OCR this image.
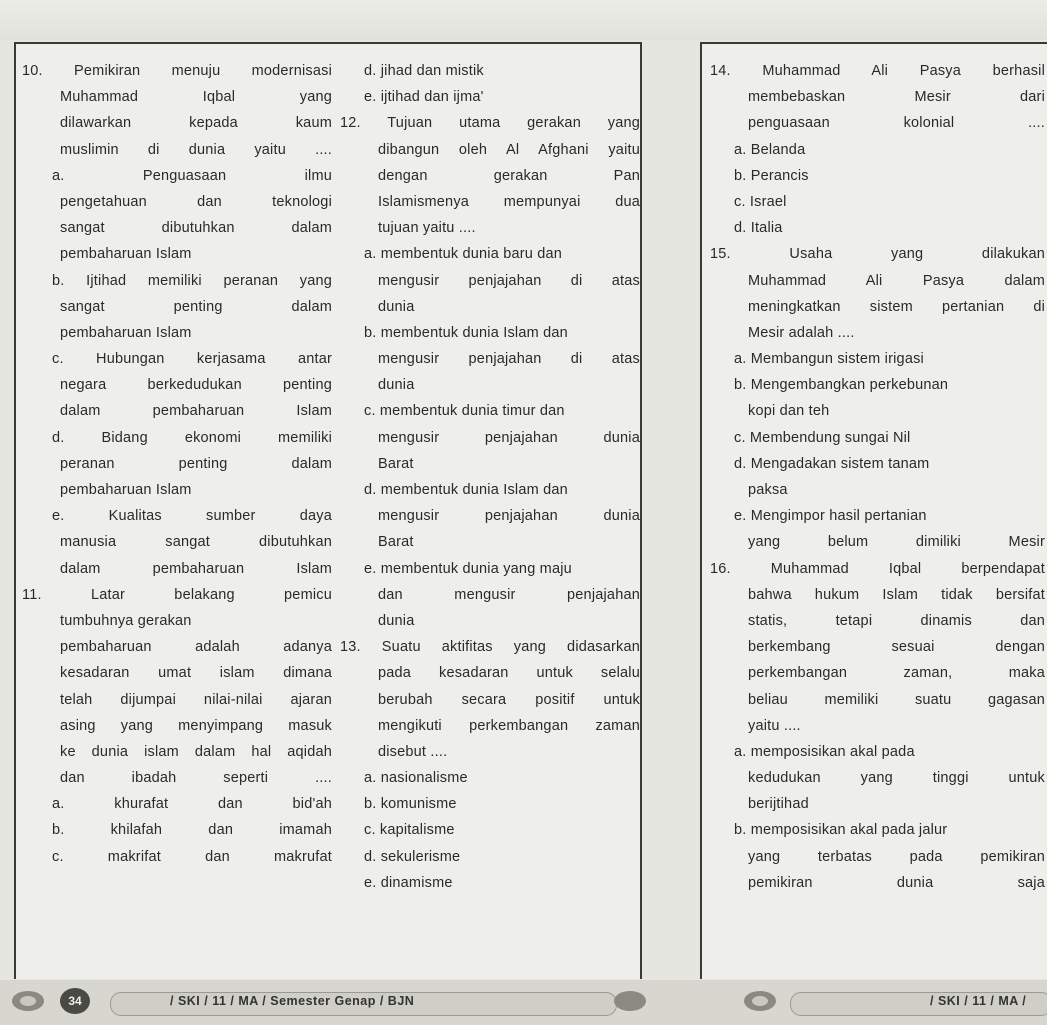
10. Pemikiran menuju modernisasi
Muhammad Iqbal yang
dilawarkan kepada kaum
muslimin di dunia yaitu ....
a. Penguasaan ilmu
pengetahuan dan teknologi
sangat dibutuhkan dalam
pembaharuan Islam
b. Ijtihad memiliki peranan yang
sangat penting dalam
pembaharuan Islam
c. Hubungan kerjasama antar
negara berkedudukan penting
dalam pembaharuan Islam
d. Bidang ekonomi memiliki
peranan penting dalam
pembaharuan Islam
e. Kualitas sumber daya
manusia sangat dibutuhkan
dalam pembaharuan Islam
11. Latar belakang pemicu
tumbuhnya gerakan
pembaharuan adalah adanya
kesadaran umat islam dimana
telah dijumpai nilai-nilai ajaran
asing yang menyimpang masuk
ke dunia islam dalam hal aqidah
dan ibadah seperti ....
a. khurafat dan bid'ah
b. khilafah dan imamah
c. makrifat dan makrufat
d. jihad dan mistik
e. ijtihad dan ijma'
12. Tujuan utama gerakan yang
dibangun oleh Al Afghani yaitu
dengan gerakan Pan
Islamismenya mempunyai dua
tujuan yaitu ....
a. membentuk dunia baru dan
mengusir penjajahan di atas
dunia
b. membentuk dunia Islam dan
mengusir penjajahan di atas
dunia
c. membentuk dunia timur dan
mengusir penjajahan dunia
Barat
d. membentuk dunia Islam dan
mengusir penjajahan dunia
Barat
e. membentuk dunia yang maju
dan mengusir penjajahan
dunia
13. Suatu aktifitas yang didasarkan
pada kesadaran untuk selalu
berubah secara positif untuk
mengikuti perkembangan zaman
disebut ....
a. nasionalisme
b. komunisme
c. kapitalisme
d. sekulerisme
e. dinamisme
14. Muhammad Ali Pasya berhasil
membebaskan Mesir dari
penguasaan kolonial ....
a. Belanda
b. Perancis
c. Israel
d. Italia
15. Usaha yang dilakukan
Muhammad Ali Pasya dalam
meningkatkan sistem pertanian di
Mesir adalah ....
a. Membangun sistem irigasi
b. Mengembangkan perkebunan
kopi dan teh
c. Membendung sungai Nil
d. Mengadakan sistem tanam
paksa
e. Mengimpor hasil pertanian
yang belum dimiliki Mesir
16. Muhammad Iqbal berpendapat
bahwa hukum Islam tidak bersifat
statis, tetapi dinamis dan
berkembang sesuai dengan
perkembangan zaman, maka
beliau memiliki suatu gagasan
yaitu ....
a. memposisikan akal pada
kedudukan yang tinggi untuk
berijtihad
b. memposisikan akal pada jalur
yang terbatas pada pemikiran
pemikiran dunia saja
34	/ SKI / 11 / MA / Semester Genap / BJN	/ SKI / 11 / MA /
